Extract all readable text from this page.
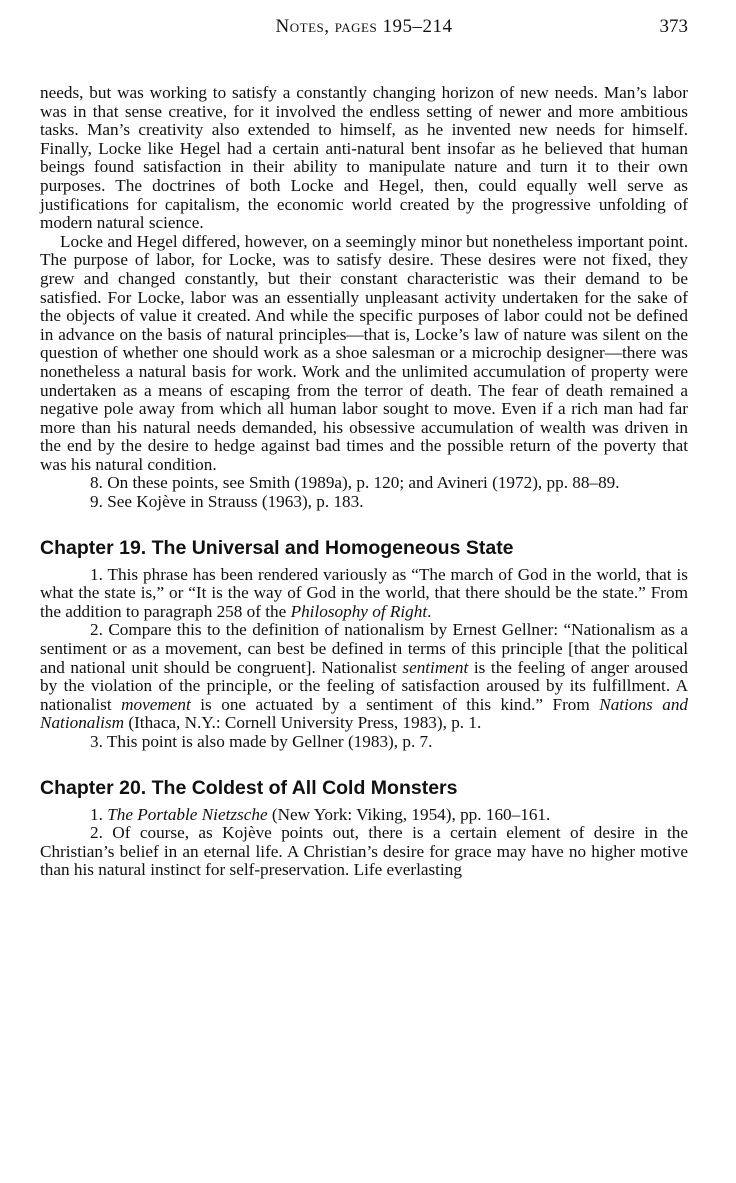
Notes, pages 195–214	373

needs, but was working to satisfy a constantly changing horizon of new needs. Man’s labor was in that sense creative, for it involved the endless setting of newer and more ambitious tasks. Man’s creativity also extended to himself, as he invented new needs for himself. Finally, Locke like Hegel had a certain anti-natural bent insofar as he believed that human beings found satisfaction in their ability to manipulate nature and turn it to their own purposes. The doctrines of both Locke and Hegel, then, could equally well serve as justifications for capitalism, the economic world created by the progressive unfolding of modern natural science.

Locke and Hegel differed, however, on a seemingly minor but nonetheless important point. The purpose of labor, for Locke, was to satisfy desire. These desires were not fixed, they grew and changed constantly, but their constant characteristic was their demand to be satisfied. For Locke, labor was an essentially unpleasant activity undertaken for the sake of the objects of value it created. And while the specific purposes of labor could not be defined in advance on the basis of natural principles—that is, Locke’s law of nature was silent on the question of whether one should work as a shoe salesman or a microchip designer—there was nonetheless a natural basis for work. Work and the unlimited accumulation of property were undertaken as a means of escaping from the terror of death. The fear of death remained a negative pole away from which all human labor sought to move. Even if a rich man had far more than his natural needs demanded, his obsessive accumulation of wealth was driven in the end by the desire to hedge against bad times and the possible return of the poverty that was his natural condition.

8. On these points, see Smith (1989a), p. 120; and Avineri (1972), pp. 88–89.

9. See Kojève in Strauss (1963), p. 183.

Chapter 19. The Universal and Homogeneous State

1. This phrase has been rendered variously as “The march of God in the world, that is what the state is,” or “It is the way of God in the world, that there should be the state.” From the addition to paragraph 258 of the Philosophy of Right.

2. Compare this to the definition of nationalism by Ernest Gellner: “Nationalism as a sentiment or as a movement, can best be defined in terms of this principle [that the political and national unit should be congruent]. Nationalist sentiment is the feeling of anger aroused by the violation of the principle, or the feeling of satisfaction aroused by its fulfillment. A nationalist movement is one actuated by a sentiment of this kind.” From Nations and Nationalism (Ithaca, N.Y.: Cornell University Press, 1983), p. 1.

3. This point is also made by Gellner (1983), p. 7.

Chapter 20. The Coldest of All Cold Monsters

1. The Portable Nietzsche (New York: Viking, 1954), pp. 160–161.

2. Of course, as Kojève points out, there is a certain element of desire in the Christian’s belief in an eternal life. A Christian’s desire for grace may have no higher motive than his natural instinct for self-preservation. Life everlasting
